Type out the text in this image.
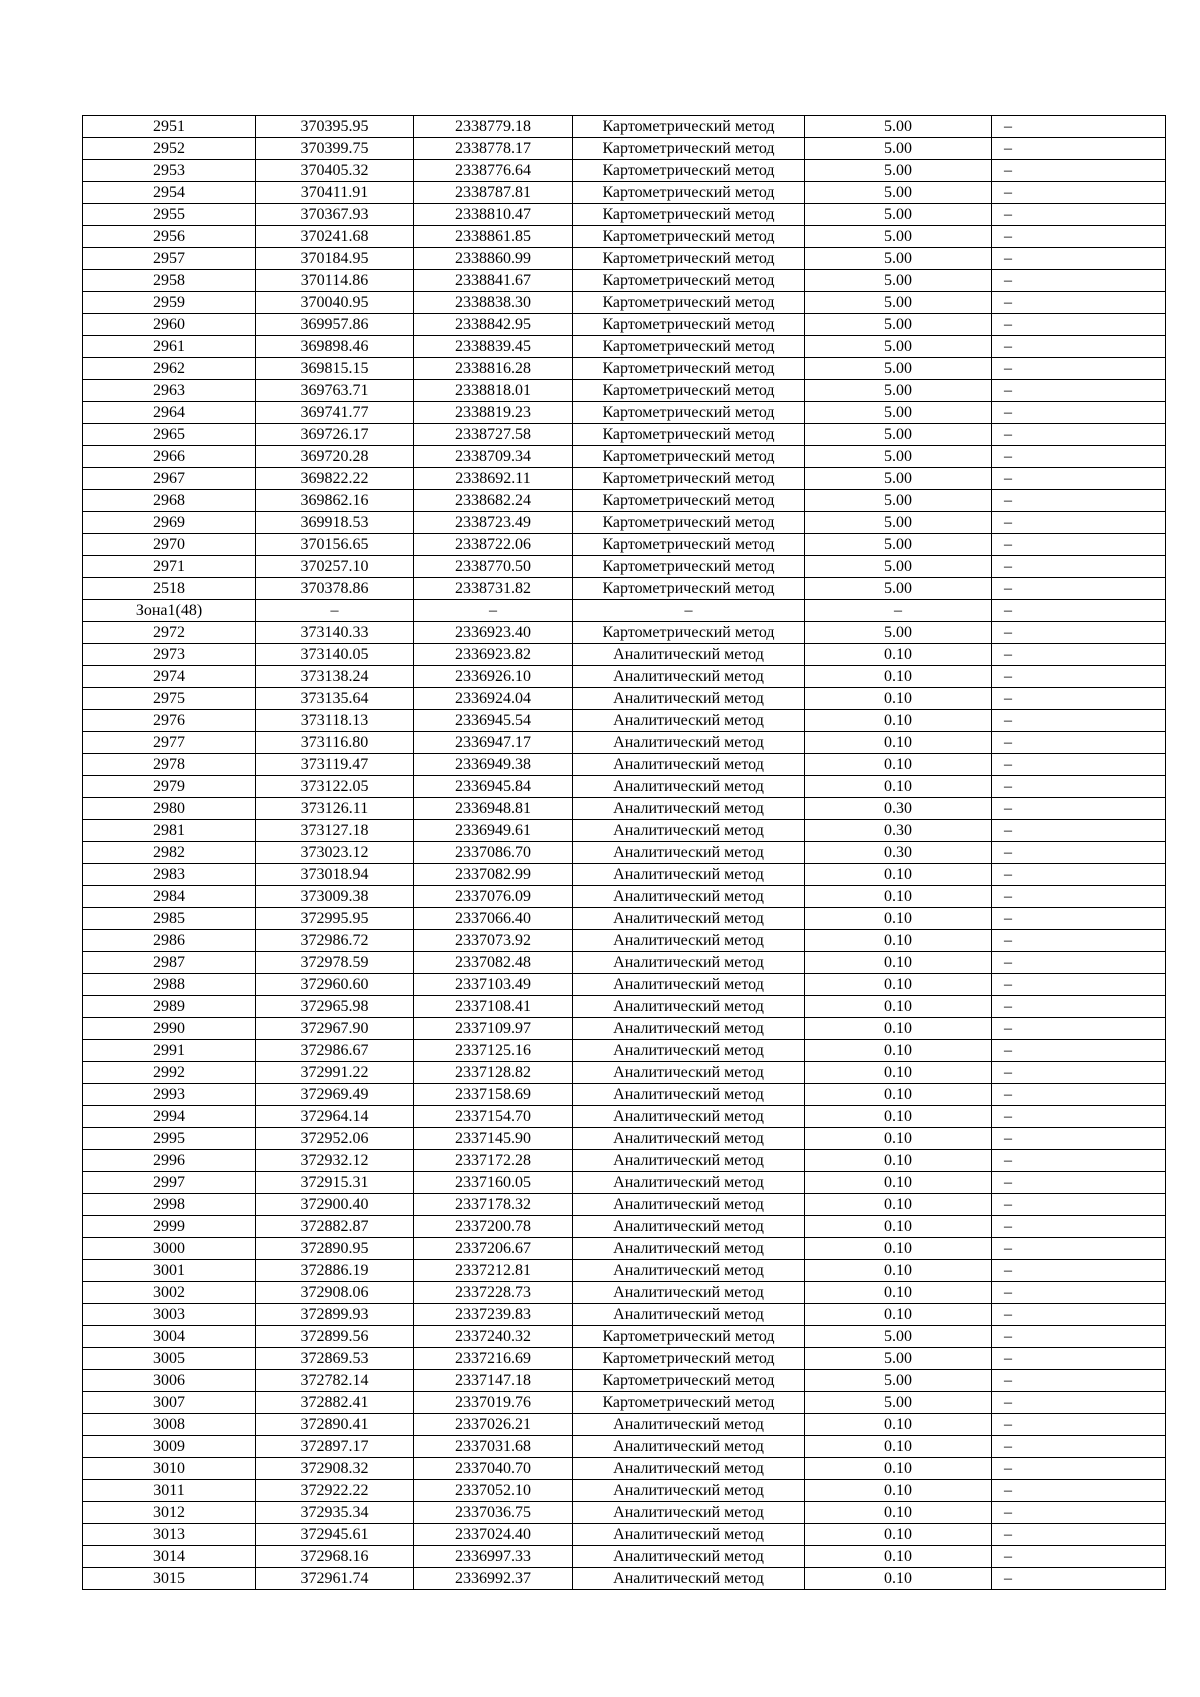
2951	370395.95	2338779.18	Картометрический метод	5.00	–
2952	370399.75	2338778.17	Картометрический метод	5.00	–
2953	370405.32	2338776.64	Картометрический метод	5.00	–
2954	370411.91	2338787.81	Картометрический метод	5.00	–
2955	370367.93	2338810.47	Картометрический метод	5.00	–
2956	370241.68	2338861.85	Картометрический метод	5.00	–
2957	370184.95	2338860.99	Картометрический метод	5.00	–
2958	370114.86	2338841.67	Картометрический метод	5.00	–
2959	370040.95	2338838.30	Картометрический метод	5.00	–
2960	369957.86	2338842.95	Картометрический метод	5.00	–
2961	369898.46	2338839.45	Картометрический метод	5.00	–
2962	369815.15	2338816.28	Картометрический метод	5.00	–
2963	369763.71	2338818.01	Картометрический метод	5.00	–
2964	369741.77	2338819.23	Картометрический метод	5.00	–
2965	369726.17	2338727.58	Картометрический метод	5.00	–
2966	369720.28	2338709.34	Картометрический метод	5.00	–
2967	369822.22	2338692.11	Картометрический метод	5.00	–
2968	369862.16	2338682.24	Картометрический метод	5.00	–
2969	369918.53	2338723.49	Картометрический метод	5.00	–
2970	370156.65	2338722.06	Картометрический метод	5.00	–
2971	370257.10	2338770.50	Картометрический метод	5.00	–
2518	370378.86	2338731.82	Картометрический метод	5.00	–
Зона1(48)	–	–	–	–	–
2972	373140.33	2336923.40	Картометрический метод	5.00	–
2973	373140.05	2336923.82	Аналитический метод	0.10	–
2974	373138.24	2336926.10	Аналитический метод	0.10	–
2975	373135.64	2336924.04	Аналитический метод	0.10	–
2976	373118.13	2336945.54	Аналитический метод	0.10	–
2977	373116.80	2336947.17	Аналитический метод	0.10	–
2978	373119.47	2336949.38	Аналитический метод	0.10	–
2979	373122.05	2336945.84	Аналитический метод	0.10	–
2980	373126.11	2336948.81	Аналитический метод	0.30	–
2981	373127.18	2336949.61	Аналитический метод	0.30	–
2982	373023.12	2337086.70	Аналитический метод	0.30	–
2983	373018.94	2337082.99	Аналитический метод	0.10	–
2984	373009.38	2337076.09	Аналитический метод	0.10	–
2985	372995.95	2337066.40	Аналитический метод	0.10	–
2986	372986.72	2337073.92	Аналитический метод	0.10	–
2987	372978.59	2337082.48	Аналитический метод	0.10	–
2988	372960.60	2337103.49	Аналитический метод	0.10	–
2989	372965.98	2337108.41	Аналитический метод	0.10	–
2990	372967.90	2337109.97	Аналитический метод	0.10	–
2991	372986.67	2337125.16	Аналитический метод	0.10	–
2992	372991.22	2337128.82	Аналитический метод	0.10	–
2993	372969.49	2337158.69	Аналитический метод	0.10	–
2994	372964.14	2337154.70	Аналитический метод	0.10	–
2995	372952.06	2337145.90	Аналитический метод	0.10	–
2996	372932.12	2337172.28	Аналитический метод	0.10	–
2997	372915.31	2337160.05	Аналитический метод	0.10	–
2998	372900.40	2337178.32	Аналитический метод	0.10	–
2999	372882.87	2337200.78	Аналитический метод	0.10	–
3000	372890.95	2337206.67	Аналитический метод	0.10	–
3001	372886.19	2337212.81	Аналитический метод	0.10	–
3002	372908.06	2337228.73	Аналитический метод	0.10	–
3003	372899.93	2337239.83	Аналитический метод	0.10	–
3004	372899.56	2337240.32	Картометрический метод	5.00	–
3005	372869.53	2337216.69	Картометрический метод	5.00	–
3006	372782.14	2337147.18	Картометрический метод	5.00	–
3007	372882.41	2337019.76	Картометрический метод	5.00	–
3008	372890.41	2337026.21	Аналитический метод	0.10	–
3009	372897.17	2337031.68	Аналитический метод	0.10	–
3010	372908.32	2337040.70	Аналитический метод	0.10	–
3011	372922.22	2337052.10	Аналитический метод	0.10	–
3012	372935.34	2337036.75	Аналитический метод	0.10	–
3013	372945.61	2337024.40	Аналитический метод	0.10	–
3014	372968.16	2336997.33	Аналитический метод	0.10	–
3015	372961.74	2336992.37	Аналитический метод	0.10	–
